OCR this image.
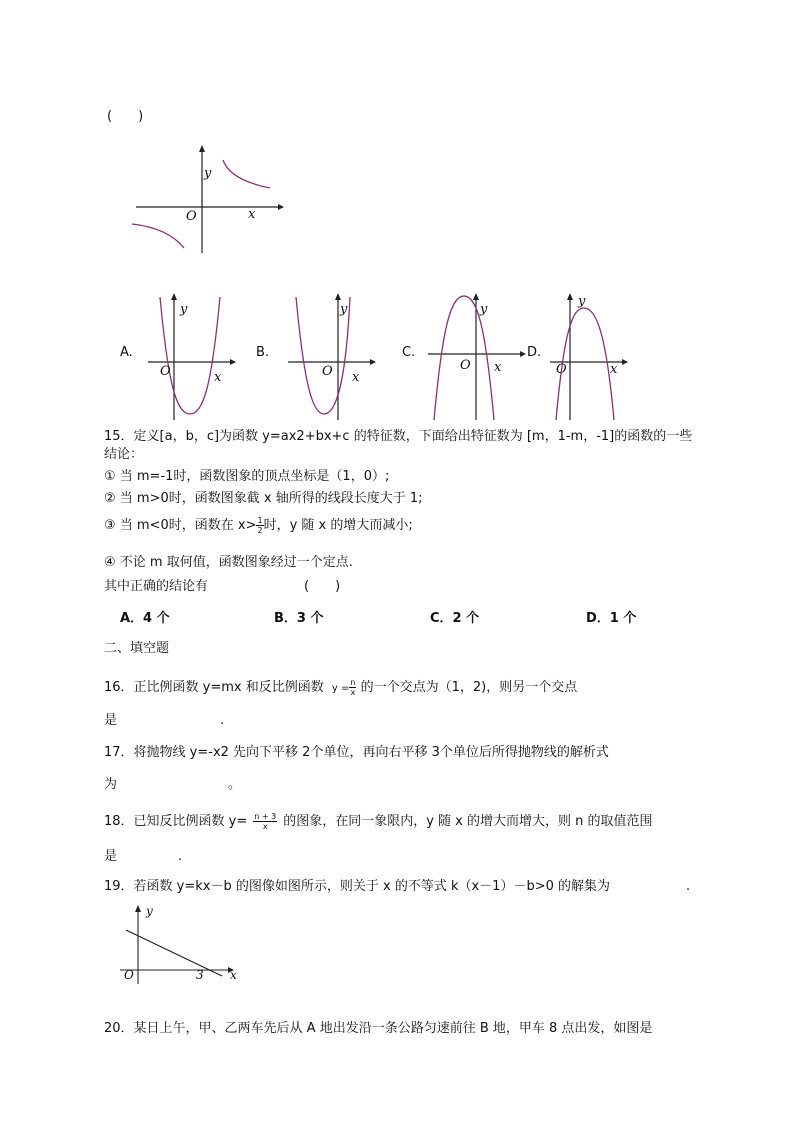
(　　)
y
x
O
A.
y
x
O
B.
y
x
O
C.
y
x
O
D.
y
x
O
15．定义[a，b，c]为函数 y=ax2+bx+c 的特征数，下面给出特征数为 [m，1-m，-1]的函数的一些
结论：
① 当 m=-1时，函数图象的顶点坐标是（1，0）;
② 当 m>0时，函数图象截 x 轴所得的线段长度大于 1;
③ 当 m<0时，函数在 $x> \frac{1}{2}$ 时，y 随 x 的增大而减小;
④ 不论 m 取何值，函数图象经过一个定点.
其中正确的结论有	(　　)
A．4 个	B．3 个	C．2 个	D．1 个
二、填空题
16．正比例函数 y=mx 和反比例函数 $y = \frac{n}{x}$ 的一个交点为（1，2)，则另一个交点
是	.
17．将抛物线 y=-x2 先向下平移 2个单位，再向右平移 3个单位后所得抛物线的解析式
为	。
18．已知反比例函数 $y= \frac{n + 3}{x}$ 的图象，在同一象限内，y 随 x 的增大而增大，则 n 的取值范围
是	.
19．若函数 y=kx－b 的图像如图所示，则关于 x 的不等式 k（x－1）－b>0 的解集为	.
y
x
O	3
20．某日上午，甲、乙两车先后从 A 地出发沿一条公路匀速前往 B 地，甲车 8 点出发，如图是
